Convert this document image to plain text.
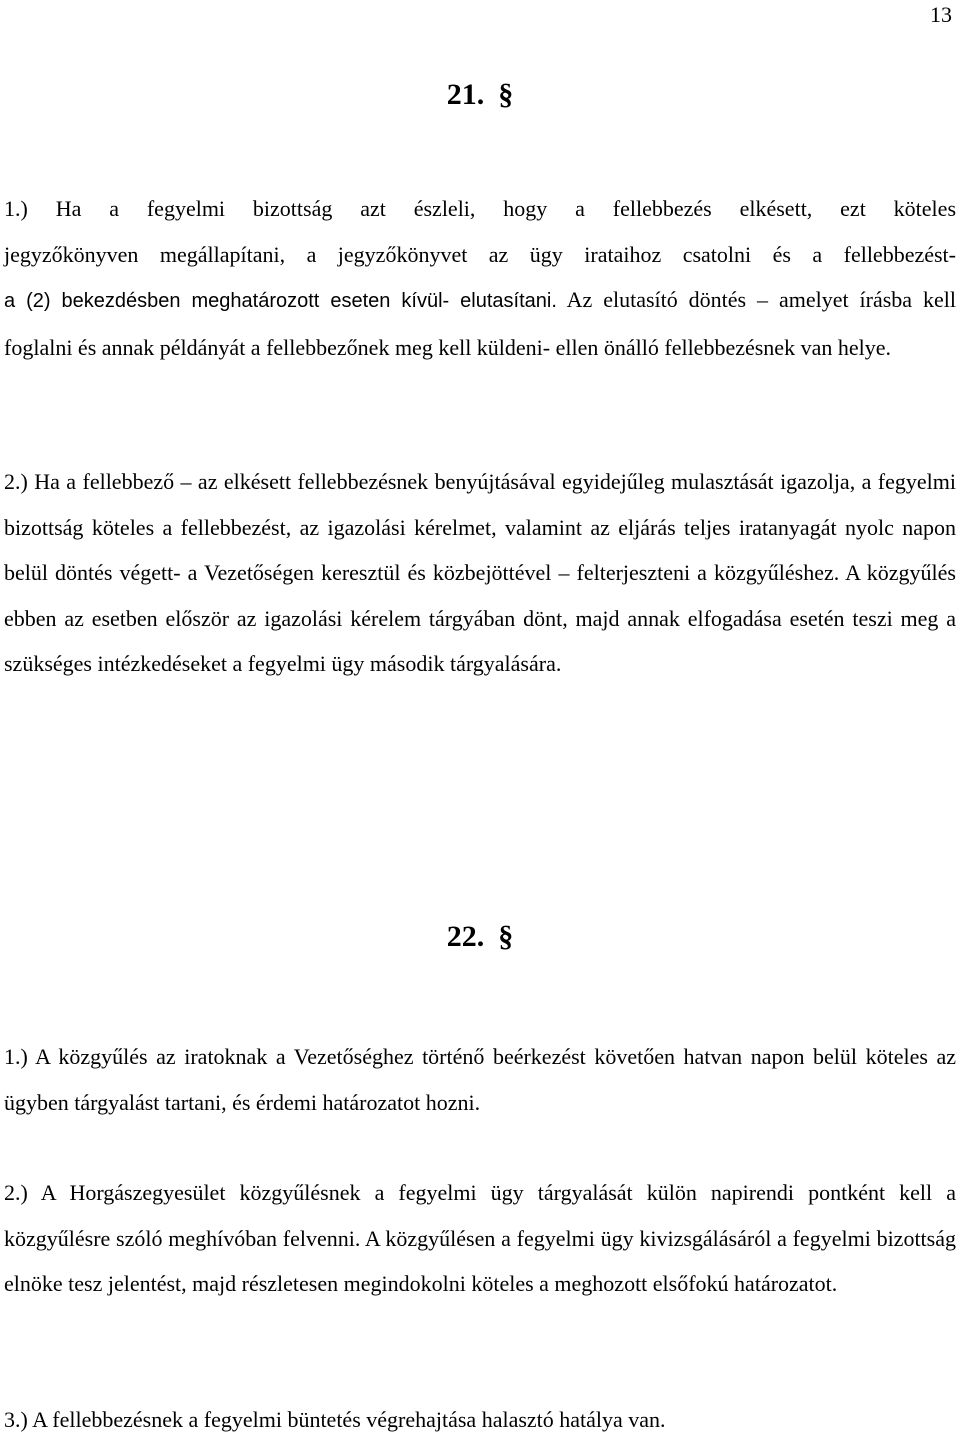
13
21. §
1.) Ha a fegyelmi bizottság azt észleli, hogy a fellebbezés elkésett, ezt köteles
jegyzőkönyven megállapítani, a jegyzőkönyvet az ügy irataihoz csatolni és a fellebbezést-
a (2) bekezdésben meghatározott eseten kívül- elutasítani. Az elutasító döntés – amelyet írásba kell foglalni és annak példányát a fellebbezőnek meg kell küldeni- ellen önálló fellebbezésnek van helye.
2.) Ha a fellebbező – az elkésett fellebbezésnek benyújtásával egyidejűleg mulasztását igazolja, a fegyelmi bizottság köteles a fellebbezést, az igazolási kérelmet, valamint az eljárás teljes iratanyagát nyolc napon belül döntés végett- a Vezetőségen keresztül és közbejöttével – felterjeszteni a közgyűléshez. A közgyűlés ebben az esetben először az igazolási kérelem tárgyában dönt, majd annak elfogadása esetén teszi meg a szükséges intézkedéseket a fegyelmi ügy második tárgyalására.
22. §
1.) A közgyűlés az iratoknak a Vezetőséghez történő beérkezést követően hatvan napon belül köteles az ügyben tárgyalást tartani, és érdemi határozatot hozni.
2.) A Horgászegyesület közgyűlésnek a fegyelmi ügy tárgyalását külön napirendi pontként kell a közgyűlésre szóló meghívóban felvenni. A közgyűlésen a fegyelmi ügy kivizsgálásáról a fegyelmi bizottság elnöke tesz jelentést, majd részletesen megindokolni köteles a meghozott elsőfokú határozatot.
3.) A fellebbezésnek a fegyelmi büntetés végrehajtása halasztó hatálya van.
